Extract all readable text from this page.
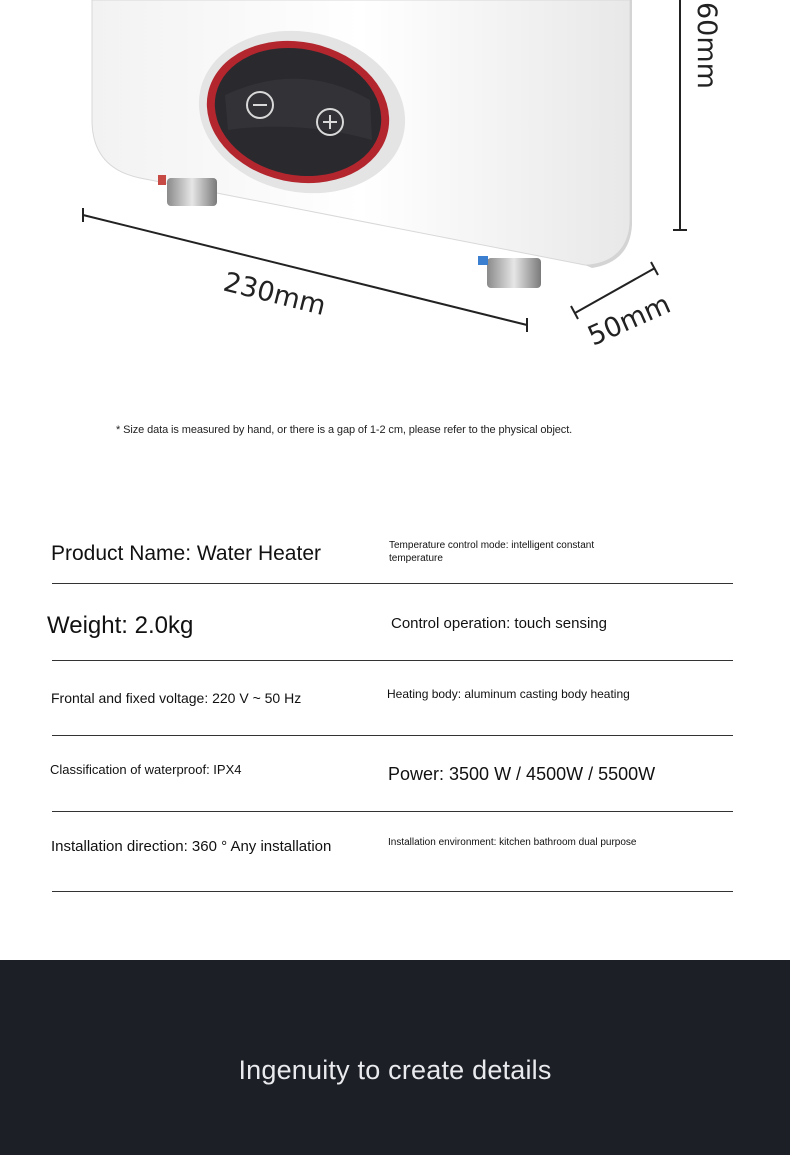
230mm	50mm
60mm
* Size data is measured by hand, or there is a gap of 1-2 cm, please refer to the physical object.
Product Name: Water Heater	Temperature control mode: intelligent constant temperature
Weight: 2.0kg	Control operation: touch sensing
Frontal and fixed voltage: 220 V ~ 50 Hz	Heating body: aluminum casting body heating
Classification of waterproof: IPX4	Power: 3500 W / 4500W / 5500W
Installation direction: 360 ° Any installation	Installation environment: kitchen bathroom dual purpose
Ingenuity to create details
